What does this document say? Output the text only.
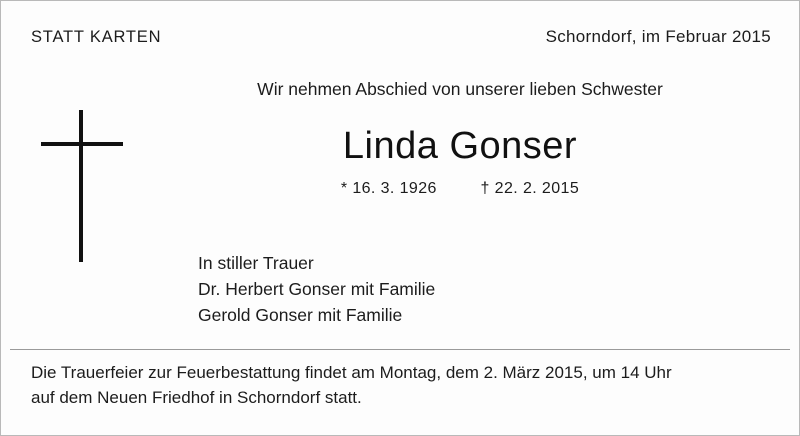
STATT KARTEN	Schorndorf, im Februar 2015
Wir nehmen Abschied von unserer lieben Schwester
Linda Gonser
* 16. 3. 1926	† 22. 2. 2015
In stiller Trauer
Dr. Herbert Gonser mit Familie
Gerold Gonser mit Familie
Die Trauerfeier zur Feuerbestattung findet am Montag, dem 2. März 2015, um 14 Uhr
auf dem Neuen Friedhof in Schorndorf statt.
